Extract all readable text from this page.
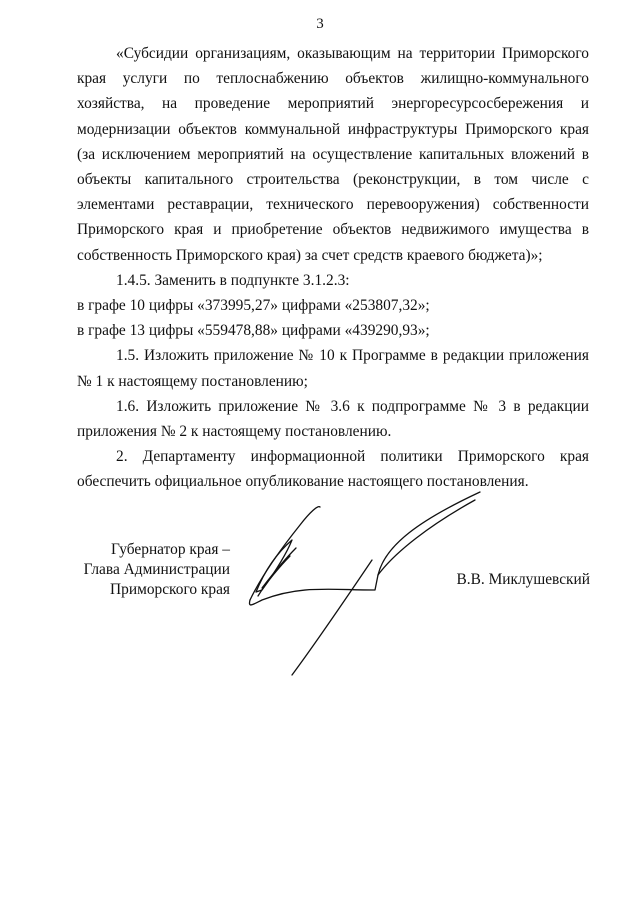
3

«Субсидии организациям, оказывающим на территории Приморского края услуги по теплоснабжению объектов жилищно-коммунального хозяйства, на проведение мероприятий энергоресурсосбережения и модернизации объектов коммунальной инфраструктуры Приморского края (за исключением мероприятий на осуществление капитальных вложений в объекты капитального строительства (реконструкции, в том числе с элементами реставрации, технического перевооружения) собственности Приморского края и приобретение объектов недвижимого имущества в собственность Приморского края) за счет средств краевого бюджета)»;

1.4.5. Заменить в подпункте 3.1.2.3:

в графе 10 цифры «373995,27» цифрами «253807,32»;

в графе 13 цифры «559478,88» цифрами «439290,93»;

1.5. Изложить приложение № 10 к Программе в редакции приложения № 1 к настоящему постановлению;

1.6. Изложить приложение № 3.6 к подпрограмме № 3 в редакции приложения № 2 к настоящему постановлению.

2. Департаменту информационной политики Приморского края обеспечить официальное опубликование настоящего постановления.

Губернатор края –
Глава Администрации
Приморского края
В.В. Миклушевский
